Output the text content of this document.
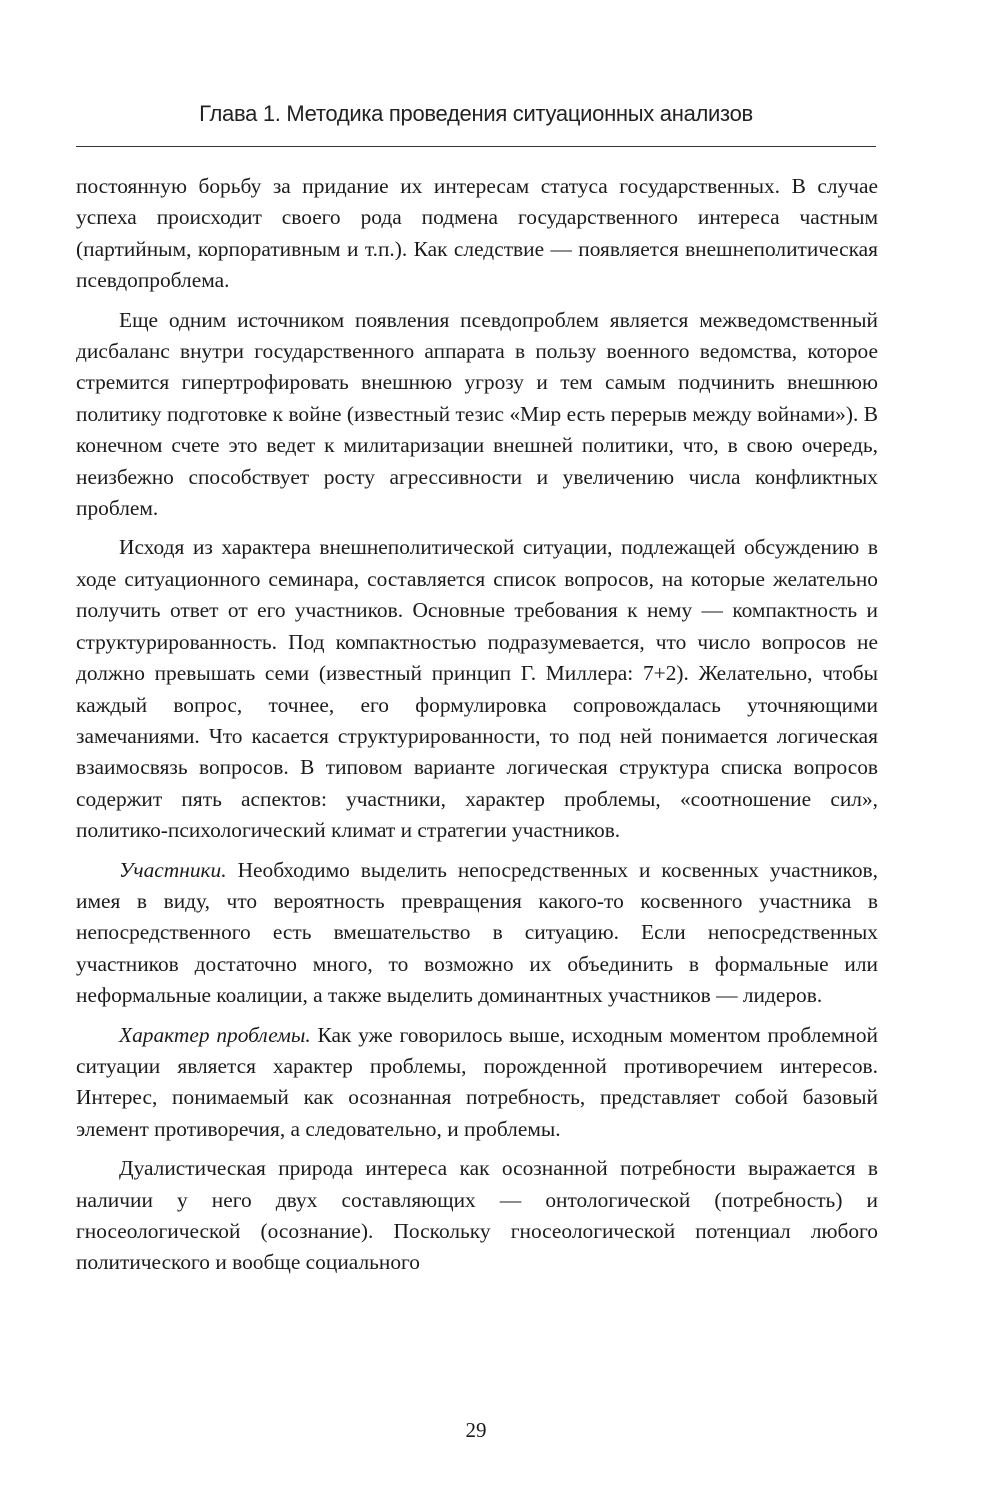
Глава 1. Методика проведения ситуационных анализов

постоянную борьбу за придание их интересам статуса государственных. В случае успеха происходит своего рода подмена государственного интереса частным (партийным, корпоративным и т.п.). Как следствие — появляется внешнеполитическая псевдопроблема.

Еще одним источником появления псевдопроблем является межведомственный дисбаланс внутри государственного аппарата в пользу военного ведомства, которое стремится гипертрофировать внешнюю угрозу и тем самым подчинить внешнюю политику подготовке к войне (известный тезис «Мир есть перерыв между войнами»). В конечном счете это ведет к милитаризации внешней политики, что, в свою очередь, неизбежно способствует росту агрессивности и увеличению числа конфликтных проблем.

Исходя из характера внешнеполитической ситуации, подлежащей обсуждению в ходе ситуационного семинара, составляется список вопросов, на которые желательно получить ответ от его участников. Основные требования к нему — компактность и структурированность. Под компактностью подразумевается, что число вопросов не должно превышать семи (известный принцип Г. Миллера: 7+2). Желательно, чтобы каждый вопрос, точнее, его формулировка сопровождалась уточняющими замечаниями. Что касается структурированности, то под ней понимается логическая взаимосвязь вопросов. В типовом варианте логическая структура списка вопросов содержит пять аспектов: участники, характер проблемы, «соотношение сил», политико-психологический климат и стратегии участников.

Участники. Необходимо выделить непосредственных и косвенных участников, имея в виду, что вероятность превращения какого-то косвенного участника в непосредственного есть вмешательство в ситуацию. Если непосредственных участников достаточно много, то возможно их объединить в формальные или неформальные коалиции, а также выделить доминантных участников — лидеров.

Характер проблемы. Как уже говорилось выше, исходным моментом проблемной ситуации является характер проблемы, порожденной противоречием интересов. Интерес, понимаемый как осознанная потребность, представляет собой базовый элемент противоречия, а следовательно, и проблемы.

Дуалистическая природа интереса как осознанной потребности выражается в наличии у него двух составляющих — онтологической (потребность) и гносеологической (осознание). Поскольку гносеологической потенциал любого политического и вообще социального

29
